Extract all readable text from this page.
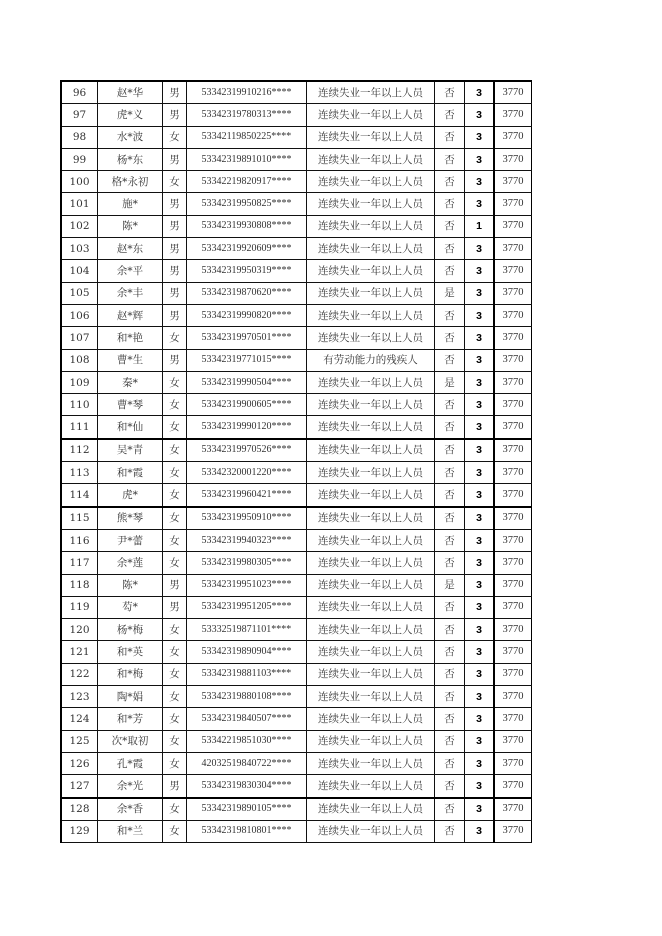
96	赵*华	男	53342319910216****	连续失业一年以上人员	否	3	3770
97	虎*义	男	53342319780313****	连续失业一年以上人员	否	3	3770
98	水*波	女	53342119850225****	连续失业一年以上人员	否	3	3770
99	杨*东	男	53342319891010****	连续失业一年以上人员	否	3	3770
100	格*永初	女	53342219820917****	连续失业一年以上人员	否	3	3770
101	施*	男	53342319950825****	连续失业一年以上人员	否	3	3770
102	陈*	男	53342319930808****	连续失业一年以上人员	否	1	3770
103	赵*东	男	53342319920609****	连续失业一年以上人员	否	3	3770
104	余*平	男	53342319950319****	连续失业一年以上人员	否	3	3770
105	余*丰	男	53342319870620****	连续失业一年以上人员	是	3	3770
106	赵*辉	男	53342319990820****	连续失业一年以上人员	否	3	3770
107	和*艳	女	53342319970501****	连续失业一年以上人员	否	3	3770
108	曹*生	男	53342319771015****	有劳动能力的残疾人	否	3	3770
109	秦*	女	53342319990504****	连续失业一年以上人员	是	3	3770
110	曹*琴	女	53342319900605****	连续失业一年以上人员	否	3	3770
111	和*仙	女	53342319990120****	连续失业一年以上人员	否	3	3770
112	吴*青	女	53342319970526****	连续失业一年以上人员	否	3	3770
113	和*霞	女	53342320001220****	连续失业一年以上人员	否	3	3770
114	虎*	女	53342319960421****	连续失业一年以上人员	否	3	3770
115	熊*琴	女	53342319950910****	连续失业一年以上人员	否	3	3770
116	尹*蕾	女	53342319940323****	连续失业一年以上人员	否	3	3770
117	余*莲	女	53342319980305****	连续失业一年以上人员	否	3	3770
118	陈*	男	53342319951023****	连续失业一年以上人员	是	3	3770
119	芶*	男	53342319951205****	连续失业一年以上人员	否	3	3770
120	杨*梅	女	53332519871101****	连续失业一年以上人员	否	3	3770
121	和*英	女	53342319890904****	连续失业一年以上人员	否	3	3770
122	和*梅	女	53342319881103****	连续失业一年以上人员	否	3	3770
123	陶*娟	女	53342319880108****	连续失业一年以上人员	否	3	3770
124	和*芳	女	53342319840507****	连续失业一年以上人员	否	3	3770
125	次*取初	女	53342219851030****	连续失业一年以上人员	否	3	3770
126	孔*霞	女	42032519840722****	连续失业一年以上人员	否	3	3770
127	余*光	男	53342319830304****	连续失业一年以上人员	否	3	3770
128	余*香	女	53342319890105****	连续失业一年以上人员	否	3	3770
129	和*兰	女	53342319810801****	连续失业一年以上人员	否	3	3770
